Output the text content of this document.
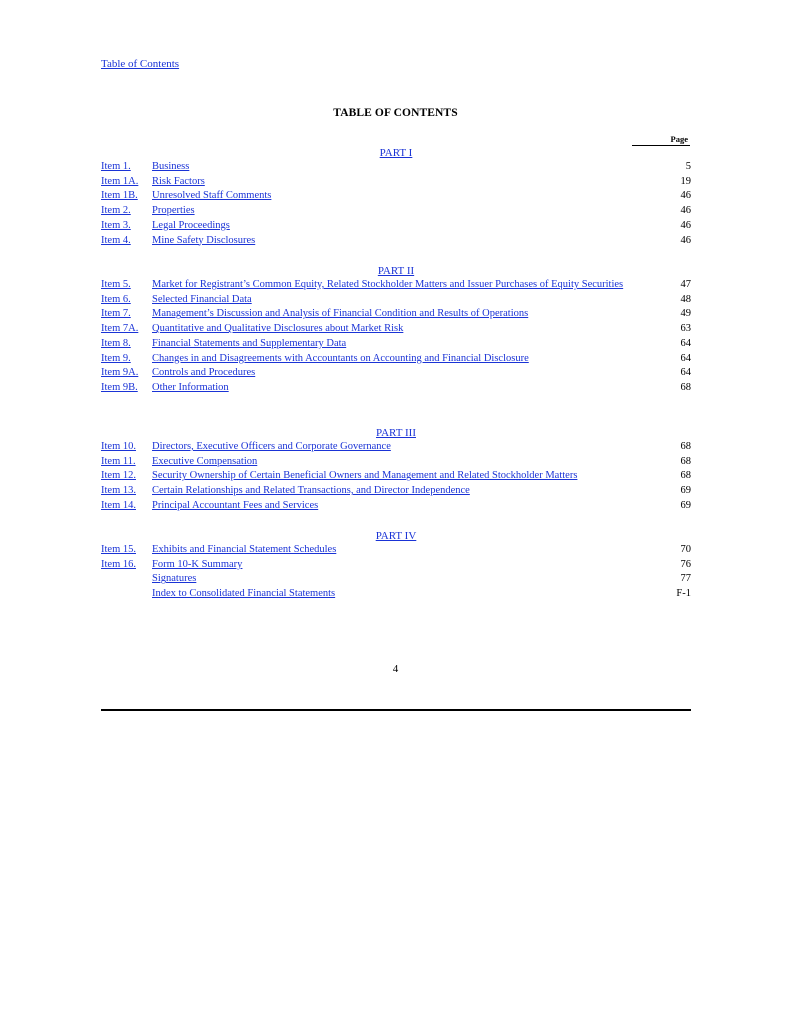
Table of Contents
TABLE OF CONTENTS
Page
PART I
Item 1. Business	5
Item 1A. Risk Factors	19
Item 1B. Unresolved Staff Comments	46
Item 2. Properties	46
Item 3. Legal Proceedings	46
Item 4. Mine Safety Disclosures	46
PART II
Item 5. Market for Registrant’s Common Equity, Related Stockholder Matters and Issuer Purchases of Equity Securities	47
Item 6. Selected Financial Data	48
Item 7. Management’s Discussion and Analysis of Financial Condition and Results of Operations	49
Item 7A. Quantitative and Qualitative Disclosures about Market Risk	63
Item 8. Financial Statements and Supplementary Data	64
Item 9. Changes in and Disagreements with Accountants on Accounting and Financial Disclosure	64
Item 9A. Controls and Procedures	64
Item 9B. Other Information	68
PART III
Item 10. Directors, Executive Officers and Corporate Governance	68
Item 11. Executive Compensation	68
Item 12. Security Ownership of Certain Beneficial Owners and Management and Related Stockholder Matters	68
Item 13. Certain Relationships and Related Transactions, and Director Independence	69
Item 14. Principal Accountant Fees and Services	69
PART IV
Item 15. Exhibits and Financial Statement Schedules	70
Item 16. Form 10-K Summary	76
Signatures	77
Index to Consolidated Financial Statements	F-1
4
